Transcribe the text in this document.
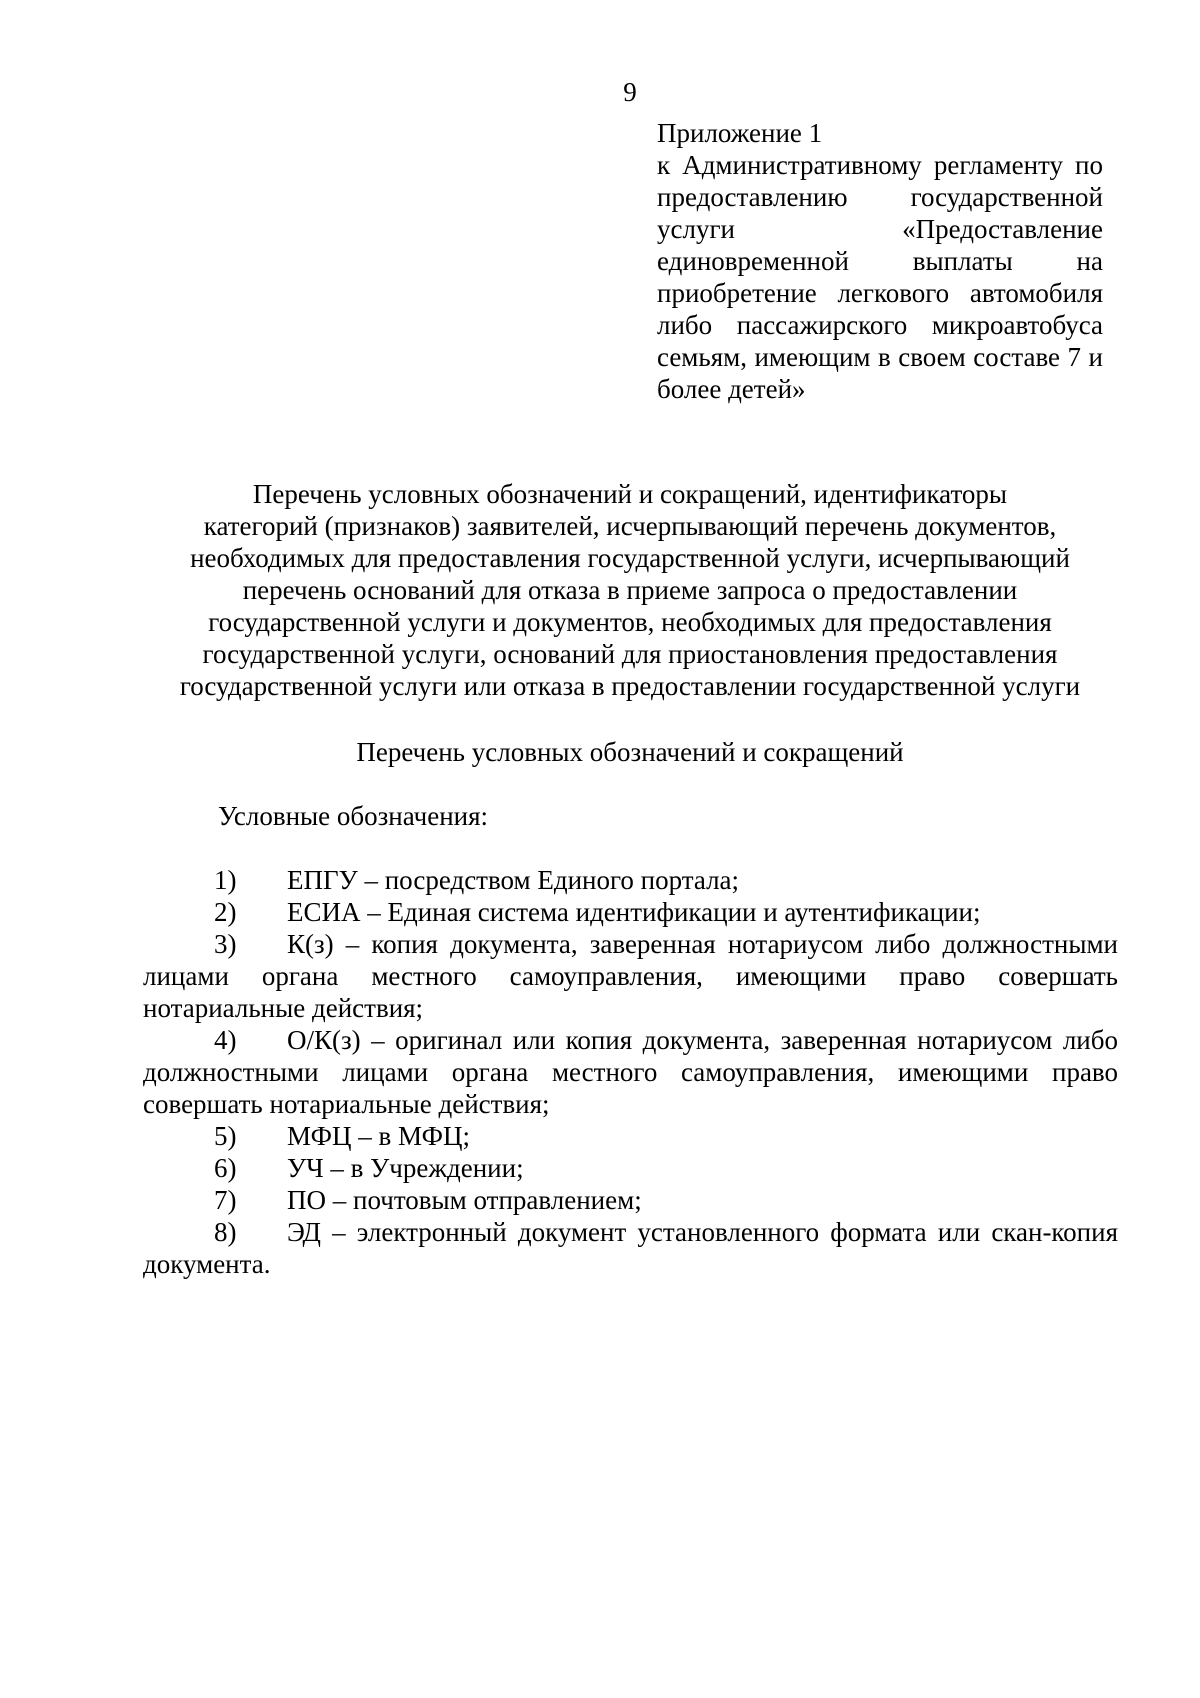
9
Приложение 1
к Административному регламенту по предоставлению государственной услуги «Предоставление единовременной выплаты на приобретение легкового автомобиля либо пассажирского микроавтобуса семьям, имеющим в своем составе 7 и более детей»
Перечень условных обозначений и сокращений, идентификаторы
категорий (признаков) заявителей, исчерпывающий перечень документов,
необходимых для предоставления государственной услуги, исчерпывающий
перечень оснований для отказа в приеме запроса о предоставлении
государственной услуги и документов, необходимых для предоставления
государственной услуги, оснований для приостановления предоставления
государственной услуги или отказа в предоставлении государственной услуги
Перечень условных обозначений и сокращений
Условные обозначения:
1) ЕПГУ – посредством Единого портала;
2) ЕСИА – Единая система идентификации и аутентификации;
3) К(з) – копия документа, заверенная нотариусом либо должностными лицами органа местного самоуправления, имеющими право совершать нотариальные действия;
4) О/К(з) – оригинал или копия документа, заверенная нотариусом либо должностными лицами органа местного самоуправления, имеющими право совершать нотариальные действия;
5) МФЦ – в МФЦ;
6) УЧ – в Учреждении;
7) ПО – почтовым отправлением;
8) ЭД – электронный документ установленного формата или скан-копия документа.
